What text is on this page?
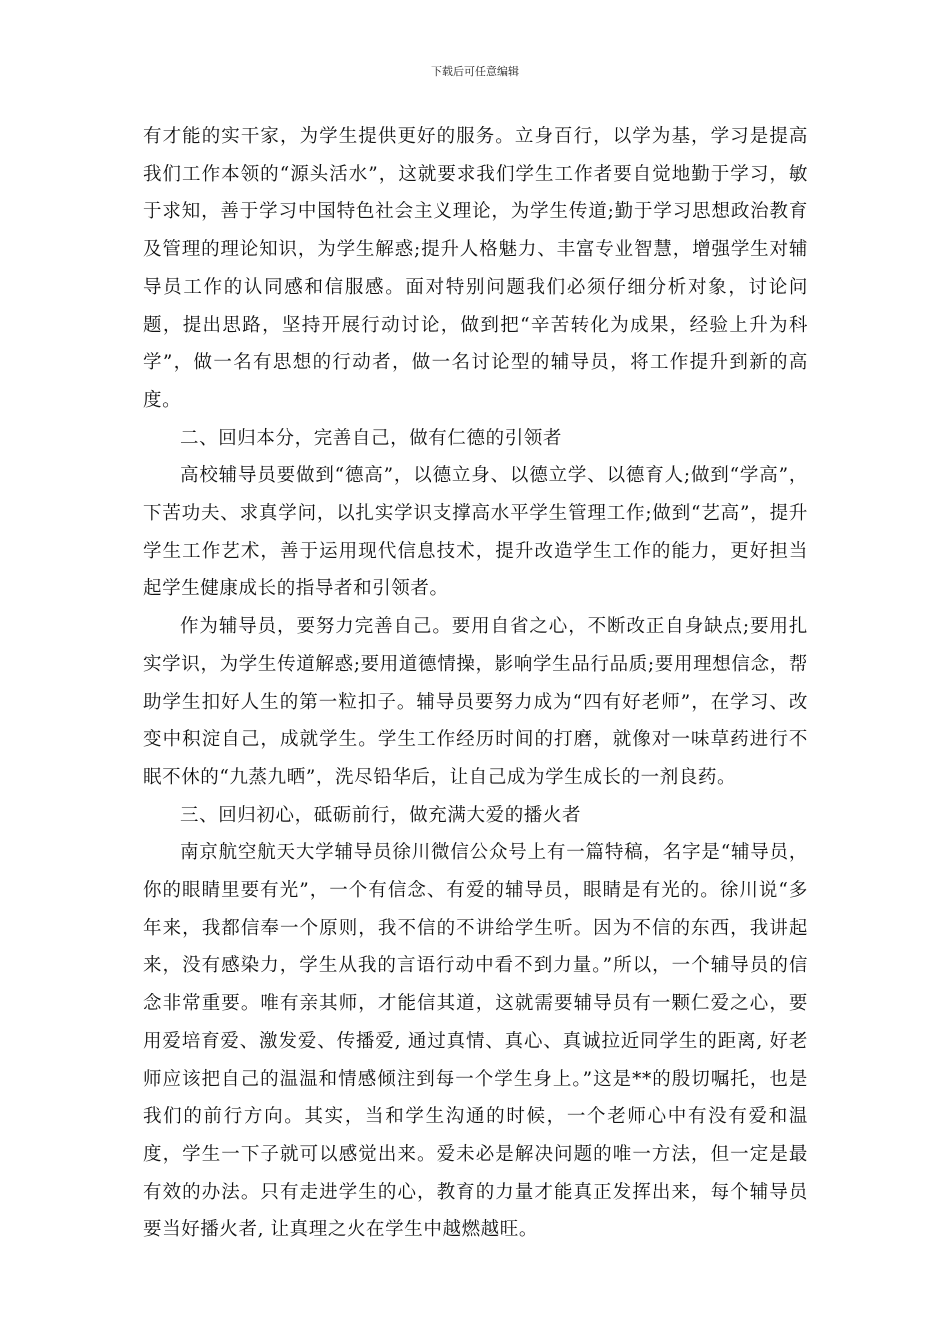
下载后可任意编辑

有才能的实干家，为学生提供更好的服务。立身百行，以学为基，学习是提高我们工作本领的“源头活水”，这就要求我们学生工作者要自觉地勤于学习，敏于求知，善于学习中国特色社会主义理论，为学生传道;勤于学习思想政治教育及管理的理论知识，为学生解惑;提升人格魅力、丰富专业智慧，增强学生对辅导员工作的认同感和信服感。面对特别问题我们必须仔细分析对象，讨论问题，提出思路，坚持开展行动讨论，做到把“辛苦转化为成果，经验上升为科学”，做一名有思想的行动者，做一名讨论型的辅导员，将工作提升到新的高度。

二、回归本分，完善自己，做有仁德的引领者

高校辅导员要做到“德高”，以德立身、以德立学、以德育人;做到“学高”，下苦功夫、求真学问，以扎实学识支撑高水平学生管理工作;做到“艺高”，提升学生工作艺术，善于运用现代信息技术，提升改造学生工作的能力，更好担当起学生健康成长的指导者和引领者。

作为辅导员，要努力完善自己。要用自省之心，不断改正自身缺点;要用扎实学识，为学生传道解惑;要用道德情操，影响学生品行品质;要用理想信念，帮助学生扣好人生的第一粒扣子。辅导员要努力成为“四有好老师”，在学习、改变中积淀自己，成就学生。学生工作经历时间的打磨，就像对一味草药进行不眠不休的“九蒸九晒”，洗尽铅华后，让自己成为学生成长的一剂良药。

三、回归初心，砥砺前行，做充满大爱的播火者

南京航空航天大学辅导员徐川微信公众号上有一篇特稿，名字是“辅导员，你的眼睛里要有光”，一个有信念、有爱的辅导员，眼睛是有光的。徐川说“多年来，我都信奉一个原则，我不信的不讲给学生听。因为不信的东西，我讲起来，没有感染力，学生从我的言语行动中看不到力量。”所以，一个辅导员的信念非常重要。唯有亲其师，才能信其道，这就需要辅导员有一颗仁爱之心，要用爱培育爱、激发爱、传播爱, 通过真情、真心、真诚拉近同学生的距离, 好老师应该把自己的温温和情感倾注到每一个学生身上。”这是**的殷切嘱托，也是我们的前行方向。其实，当和学生沟通的时候，一个老师心中有没有爱和温度，学生一下子就可以感觉出来。爱未必是解决问题的唯一方法，但一定是最有效的办法。只有走进学生的心，教育的力量才能真正发挥出来，每个辅导员要当好播火者, 让真理之火在学生中越燃越旺。
